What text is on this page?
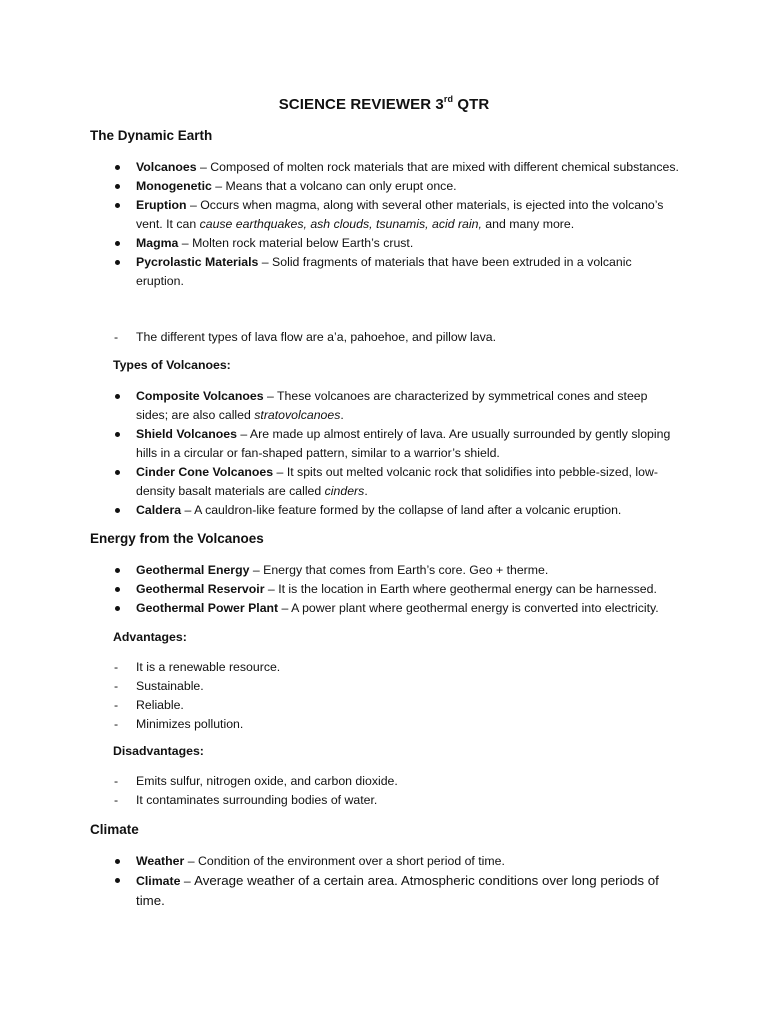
SCIENCE REVIEWER 3rd QTR
The Dynamic Earth
Volcanoes – Composed of molten rock materials that are mixed with different chemical substances.
Monogenetic – Means that a volcano can only erupt once.
Eruption – Occurs when magma, along with several other materials, is ejected into the volcano’s vent. It can cause earthquakes, ash clouds, tsunamis, acid rain, and many more.
Magma – Molten rock material below Earth’s crust.
Pycrolastic Materials – Solid fragments of materials that have been extruded in a volcanic eruption.
- The different types of lava flow are a’a, pahoehoe, and pillow lava.
Types of Volcanoes:
Composite Volcanoes – These volcanoes are characterized by symmetrical cones and steep sides; are also called stratovolcanoes.
Shield Volcanoes – Are made up almost entirely of lava. Are usually surrounded by gently sloping hills in a circular or fan-shaped pattern, similar to a warrior’s shield.
Cinder Cone Volcanoes – It spits out melted volcanic rock that solidifies into pebble-sized, low-density basalt materials are called cinders.
Caldera – A cauldron-like feature formed by the collapse of land after a volcanic eruption.
Energy from the Volcanoes
Geothermal Energy – Energy that comes from Earth’s core. Geo + therme.
Geothermal Reservoir – It is the location in Earth where geothermal energy can be harnessed.
Geothermal Power Plant – A power plant where geothermal energy is converted into electricity.
Advantages:
- It is a renewable resource.
- Sustainable.
- Reliable.
- Minimizes pollution.
Disadvantages:
- Emits sulfur, nitrogen oxide, and carbon dioxide.
- It contaminates surrounding bodies of water.
Climate
Weather – Condition of the environment over a short period of time.
Climate – Average weather of a certain area. Atmospheric conditions over long periods of time.
